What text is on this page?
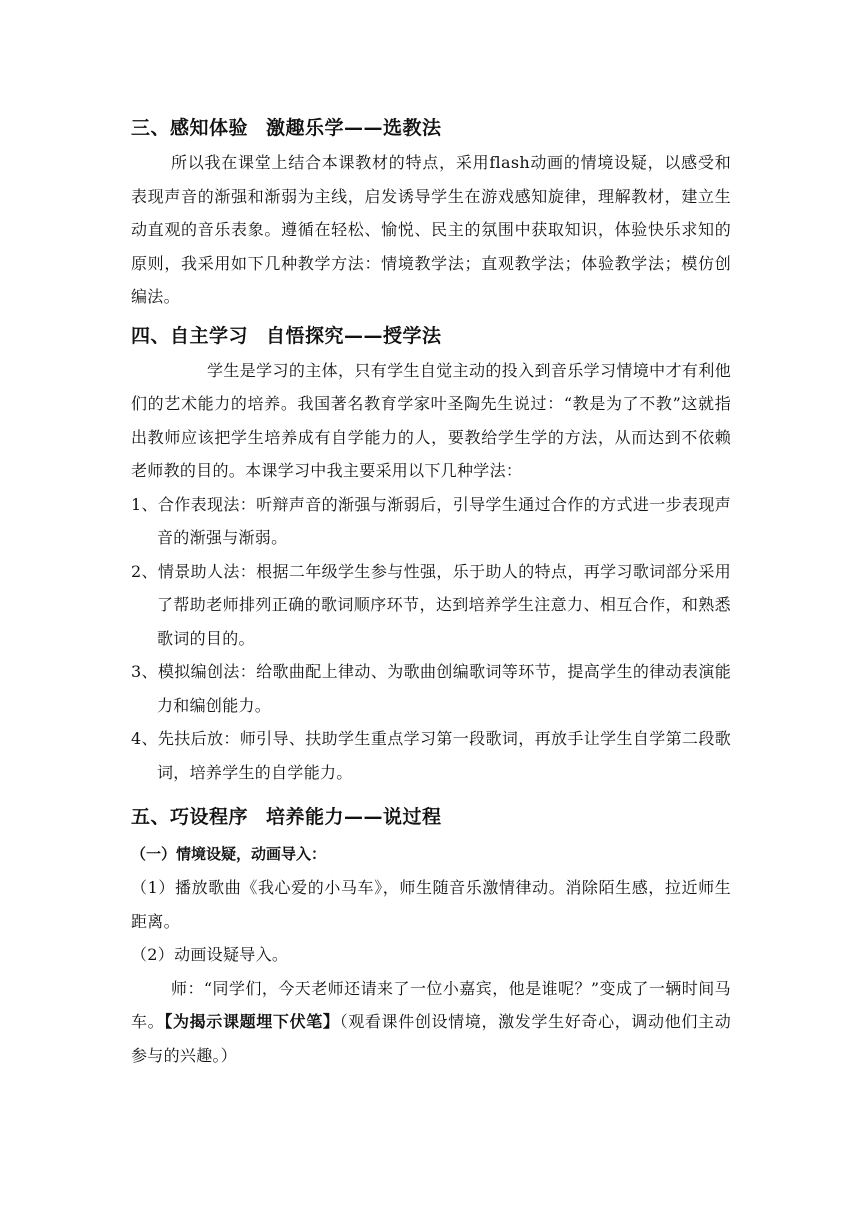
三、感知体验 激趣乐学——选教法

所以我在课堂上结合本课教材的特点，采用flash动画的情境设疑，以感受和表现声音的渐强和渐弱为主线，启发诱导学生在游戏感知旋律，理解教材，建立生动直观的音乐表象。遵循在轻松、愉悦、民主的氛围中获取知识，体验快乐求知的原则，我采用如下几种教学方法：情境教学法；直观教学法；体验教学法；模仿创编法。

四、自主学习 自悟探究——授学法

学生是学习的主体，只有学生自觉主动的投入到音乐学习情境中才有利他们的艺术能力的培养。我国著名教育学家叶圣陶先生说过：“教是为了不教”这就指出教师应该把学生培养成有自学能力的人，要教给学生学的方法，从而达到不依赖老师教的目的。本课学习中我主要采用以下几种学法：

1、合作表现法：听辩声音的渐强与渐弱后，引导学生通过合作的方式进一步表现声音的渐强与渐弱。

2、情景助人法：根据二年级学生参与性强，乐于助人的特点，再学习歌词部分采用了帮助老师排列正确的歌词顺序环节，达到培养学生注意力、相互合作，和熟悉歌词的目的。

3、模拟编创法：给歌曲配上律动、为歌曲创编歌词等环节，提高学生的律动表演能力和编创能力。

4、先扶后放：师引导、扶助学生重点学习第一段歌词，再放手让学生自学第二段歌词，培养学生的自学能力。

五、巧设程序 培养能力——说过程

（一）情境设疑，动画导入：

（1）播放歌曲《我心爱的小马车》，师生随音乐激情律动。消除陌生感，拉近师生距离。

（2）动画设疑导入。

师：“同学们，今天老师还请来了一位小嘉宾，他是谁呢？”变成了一辆时间马车。【为揭示课题埋下伏笔】（观看课件创设情境，激发学生好奇心，调动他们主动参与的兴趣。）
